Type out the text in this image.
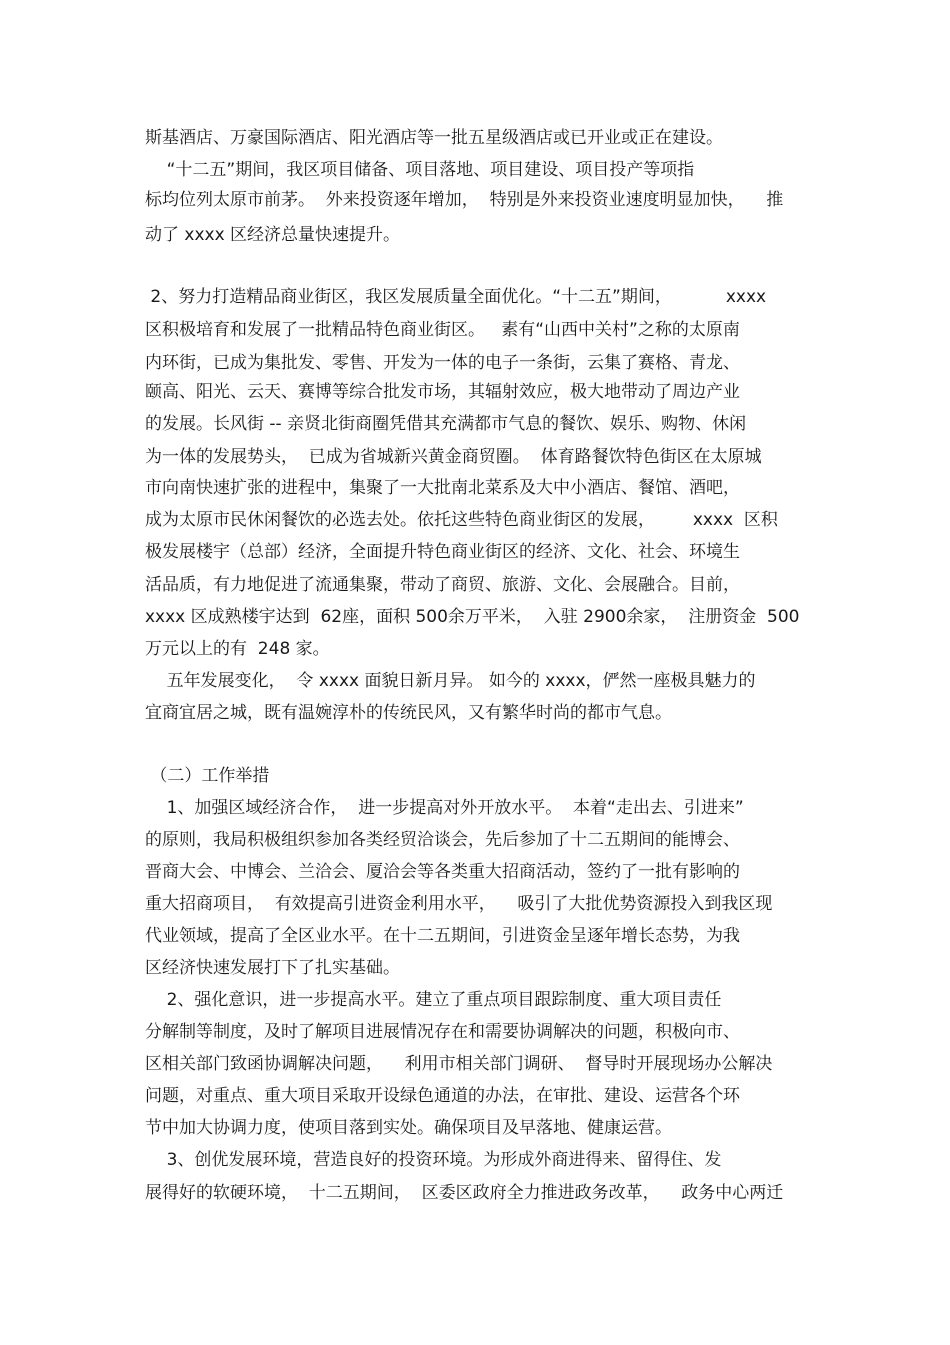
斯基酒店、万豪国际酒店、阳光酒店等一批五星级酒店或已开业或正在建设。
“十二五”期间，我区项目储备、项目落地、项目建设、项目投产等项指
标均位列太原市前茅。  外来投资逐年增加，  特别是外来投资业速度明显加快，    推
动了 xxxx 区经济总量快速提升。
2、努力打造精品商业街区，我区发展质量全面优化。“十二五”期间，          xxxx
区积极培育和发展了一批精品特色商业街区。   素有“山西中关村”之称的太原南
内环街，已成为集批发、零售、开发为一体的电子一条街，云集了赛格、青龙、
颐高、阳光、云天、赛博等综合批发市场，其辐射效应，极大地带动了周边产业
的发展。长风街 -- 亲贤北街商圈凭借其充满都市气息的餐饮、娱乐、购物、休闲
为一体的发展势头，  已成为省城新兴黄金商贸圈。  体育路餐饮特色街区在太原城
市向南快速扩张的进程中，集聚了一大批南北菜系及大中小酒店、餐馆、酒吧，
成为太原市民休闲餐饮的必选去处。依托这些特色商业街区的发展，       xxxx  区积
极发展楼宇（总部）经济，全面提升特色商业街区的经济、文化、社会、环境生
活品质，有力地促进了流通集聚，带动了商贸、旅游、文化、会展融合。目前，
xxxx 区成熟楼宇达到  62座，面积 500余万平米，  入驻 2900余家，  注册资金  500
万元以上的有  248 家。
五年发展变化，  令 xxxx 面貌日新月异。 如今的 xxxx，俨然一座极具魅力的
宜商宜居之城，既有温婉淳朴的传统民风，又有繁华时尚的都市气息。
（二）工作举措
1、加强区域经济合作，  进一步提高对外开放水平。  本着“走出去、引进来”
的原则，我局积极组织参加各类经贸洽谈会，先后参加了十二五期间的能博会、
晋商大会、中博会、兰洽会、厦洽会等各类重大招商活动，签约了一批有影响的
重大招商项目，  有效提高引进资金利用水平，    吸引了大批优势资源投入到我区现
代业领域，提高了全区业水平。在十二五期间，引进资金呈逐年增长态势，为我
区经济快速发展打下了扎实基础。
2、强化意识，进一步提高水平。建立了重点项目跟踪制度、重大项目责任
分解制等制度，及时了解项目进展情况存在和需要协调解决的问题，积极向市、
区相关部门致函协调解决问题，    利用市相关部门调研、  督导时开展现场办公解决
问题，对重点、重大项目采取开设绿色通道的办法，在审批、建设、运营各个环
节中加大协调力度，使项目落到实处。确保项目及早落地、健康运营。
3、创优发展环境，营造良好的投资环境。为形成外商进得来、留得住、发
展得好的软硬环境，  十二五期间，  区委区政府全力推进政务改革，    政务中心两迁
